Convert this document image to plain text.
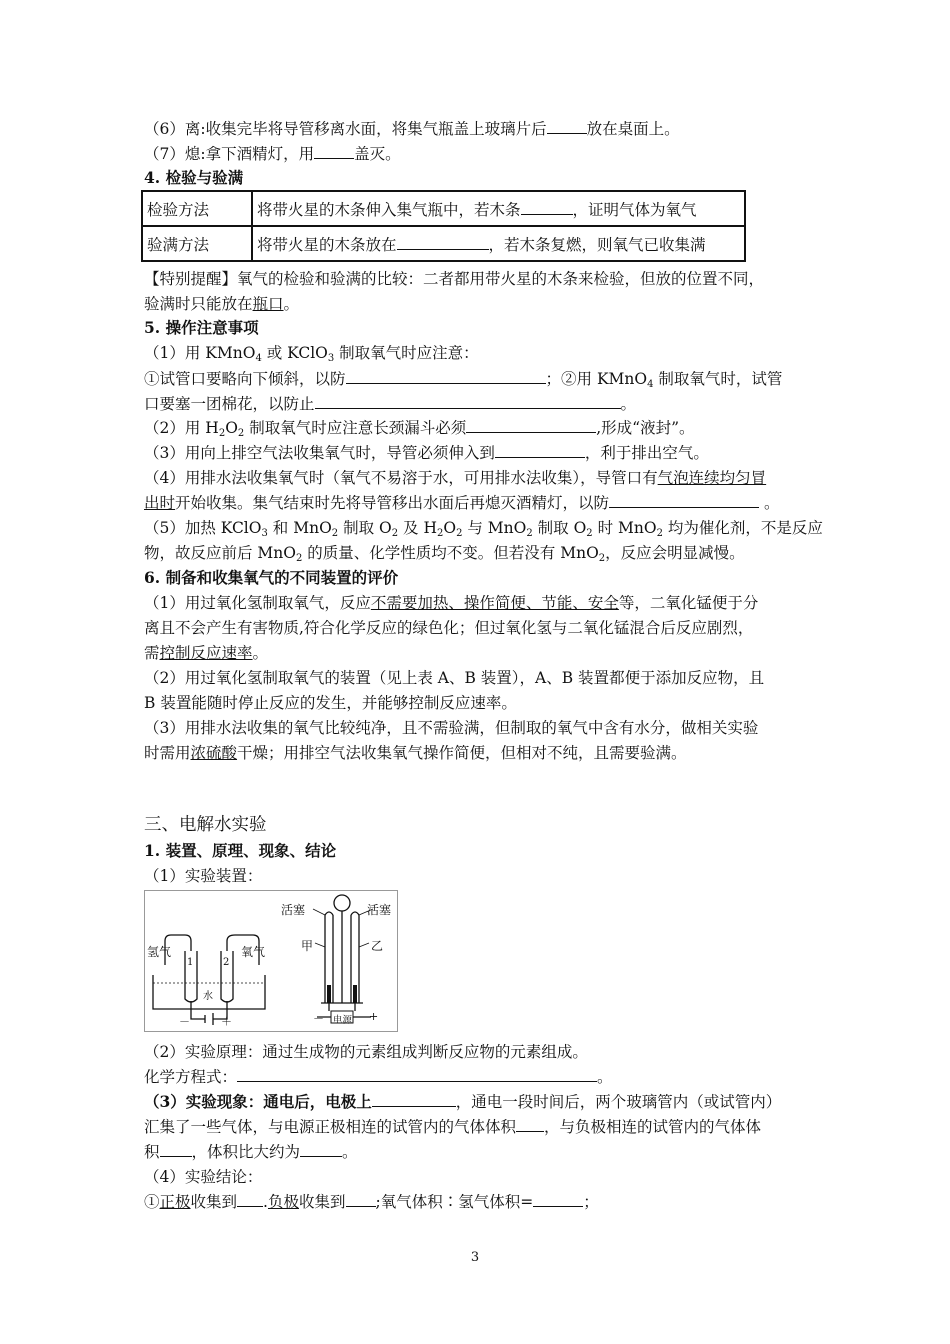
（6）离:收集完毕将导管移离水面，将集气瓶盖上玻璃片后	放在桌面上。
（7）熄:拿下酒精灯，用	盖灭。
4. 检验与验满
检验方法	将带火星的木条伸入集气瓶中，若木条 ，证明气体为氧气
验满方法	将带火星的木条放在 ，若木条复燃，则氧气已收集满
【特别提醒】氧气的检验和验满的比较：二者都用带火星的木条来检验，但放的位置不同，
验满时只能放在瓶口。
5. 操作注意事项
（1）用 KMnO$_4$ 或 KClO$_3$ 制取氧气时应注意：
①试管口要略向下倾斜，以防	；②用 KMnO$_4$ 制取氧气时，试管
口要塞一团棉花，以防止	。
（2）用 $H_2O_2$ 制取氧气时应注意长颈漏斗必须	,形成“液封”。
（3）用向上排空气法收集氧气时，导管必须伸入到	，利于排出空气。
（4）用排水法收集氧气时（氧气不易溶于水，可用排水法收集），导管口有气泡连续均匀冒
出时开始收集。集气结束时先将导管移出水面后再熄灭酒精灯，以防	。
（5）加热 KClO$_3$ 和 MnO$_2$ 制取 $O_2$ 及 $H_2O_2$ 与 MnO$_2$ 制取 $O_2$ 时 MnO$_2$ 均为催化剂，不是反应
物，故反应前后 MnO$_2$ 的质量、化学性质均不变。但若没有 MnO$_2$，反应会明显减慢。
6. 制备和收集氧气的不同装置的评价
（1）用过氧化氢制取氧气，反应不需要加热、操作简便、节能、安全等，二氧化锰便于分
离且不会产生有害物质,符合化学反应的绿色化；但过氧化氢与二氧化锰混合后反应剧烈，
需控制反应速率。
（2）用过氧化氢制取氧气的装置（见上表 A、B 装置），A、B 装置都便于添加反应物，且
B 装置能随时停止反应的发生，并能够控制反应速率。
（3）用排水法收集的氧气比较纯净，且不需验满，但制取的氧气中含有水分，做相关实验
时需用浓硫酸干燥；用排空气法收集氧气操作简便，但相对不纯，且需要验满。
三、电解水实验
1. 装置、原理、现象、结论
（1）实验装置：
氢气	氧气
1	2
水
－	＋
活塞	活塞
甲	乙
电源
－	+
（2）实验原理：通过生成物的元素组成判断反应物的元素组成。
化学方程式：	。
（3）实验现象：通电后，电极上	，通电一段时间后，两个玻璃管内（或试管内）
汇集了一些气体，与电源正极相连的试管内的气体体积 ，与负极相连的试管内的气体体
积 ，体积比大约为	。
（4）实验结论：
①正极收集到 .负极收集到 ;氧气体积∶氢气体积=	；
3
